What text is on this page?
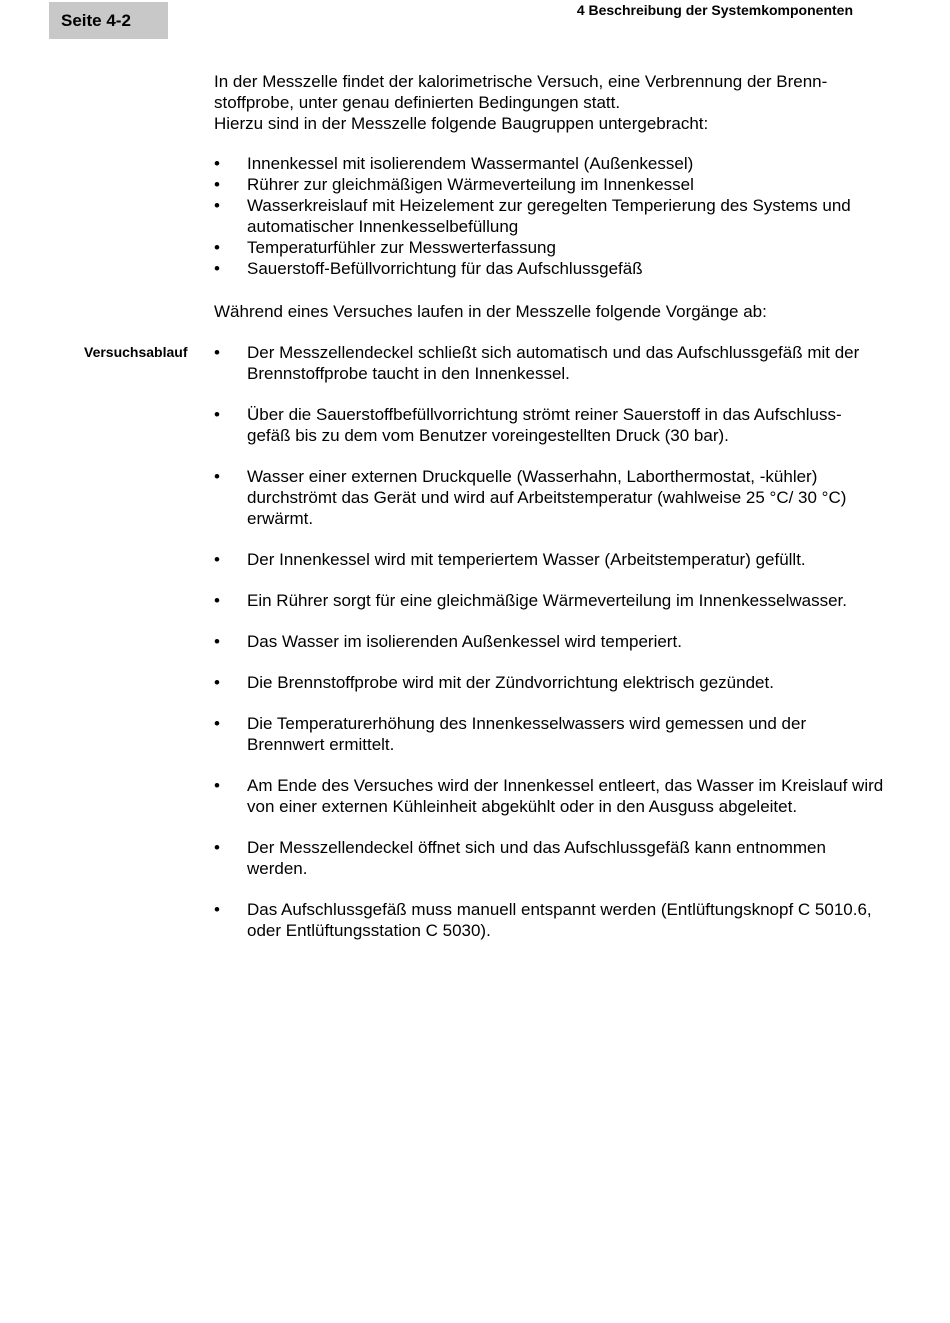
Seite 4-2
4 Beschreibung der Systemkomponenten

In der Messzelle findet der kalorimetrische Versuch, eine Verbrennung der Brenn-
stoffprobe, unter genau definierten Bedingungen statt.

Hierzu sind in der Messzelle folgende Baugruppen untergebracht:

• Innenkessel mit isolierendem Wassermantel (Außenkessel)
• Rührer zur gleichmäßigen Wärmeverteilung im Innenkessel
• Wasserkreislauf mit Heizelement zur geregelten Temperierung des Systems und automatischer Innenkesselbefüllung
• Temperaturfühler zur Messwerterfassung
• Sauerstoff-Befüllvorrichtung für das Aufschlussgefäß
Während eines Versuches laufen in der Messzelle folgende Vorgänge ab:
Versuchsablauf • Der Messzellendeckel schließt sich automatisch und das Aufschlussgefäß mit der Brennstoffprobe taucht in den Innenkessel.
• Über die Sauerstoffbefüllvorrichtung strömt reiner Sauerstoff in das Aufschluss-gefäß bis zu dem vom Benutzer voreingestellten Druck (30 bar).
• Wasser einer externen Druckquelle (Wasserhahn, Laborthermostat, -kühler) durchströmt das Gerät und wird auf Arbeitstemperatur (wahlweise 25 °C/ 30 °C) erwärmt.
• Der Innenkessel wird mit temperiertem Wasser (Arbeitstemperatur) gefüllt.
• Ein Rührer sorgt für eine gleichmäßige Wärmeverteilung im Innenkesselwasser.
• Das Wasser im isolierenden Außenkessel wird temperiert.
• Die Brennstoffprobe wird mit der Zündvorrichtung elektrisch gezündet.
• Die Temperaturerhöhung des Innenkesselwassers wird gemessen und der Brennwert ermittelt.
• Am Ende des Versuches wird der Innenkessel entleert, das Wasser im Kreislauf wird von einer externen Kühleinheit abgekühlt oder in den Ausguss abgeleitet.
• Der Messzellendeckel öffnet sich und das Aufschlussgefäß kann entnommen werden.
• Das Aufschlussgefäß muss manuell entspannt werden (Entlüftungsknopf C 5010.6, oder Entlüftungsstation C 5030).
